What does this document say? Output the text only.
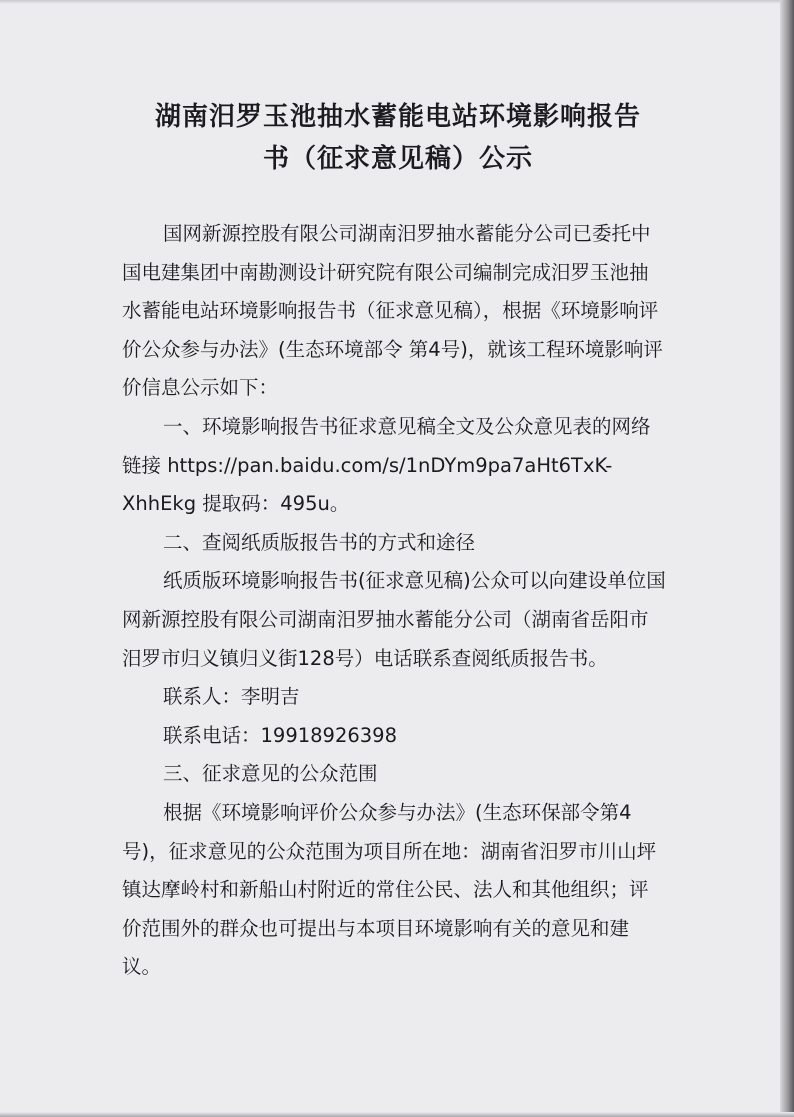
湖南汨罗玉池抽水蓄能电站环境影响报告
书（征求意见稿）公示

国网新源控股有限公司湖南汨罗抽水蓄能分公司已委托中国电建集团中南勘测设计研究院有限公司编制完成汨罗玉池抽水蓄能电站环境影响报告书（征求意见稿），根据《环境影响评价公众参与办法》(生态环境部令 第4号)，就该工程环境影响评价信息公示如下：

一、环境影响报告书征求意见稿全文及公众意见表的网络链接 https://pan.baidu.com/s/1nDYm9pa7aHt6TxK-XhhEkg 提取码：495u。

二、查阅纸质版报告书的方式和途径

纸质版环境影响报告书(征求意见稿)公众可以向建设单位国网新源控股有限公司湖南汨罗抽水蓄能分公司（湖南省岳阳市汨罗市归义镇归义街128号）电话联系查阅纸质报告书。

联系人：李明吉

联系电话：19918926398

三、征求意见的公众范围

根据《环境影响评价公众参与办法》(生态环保部令第4号)，征求意见的公众范围为项目所在地：湖南省汨罗市川山坪镇达摩岭村和新船山村附近的常住公民、法人和其他组织；评价范围外的群众也可提出与本项目环境影响有关的意见和建议。
